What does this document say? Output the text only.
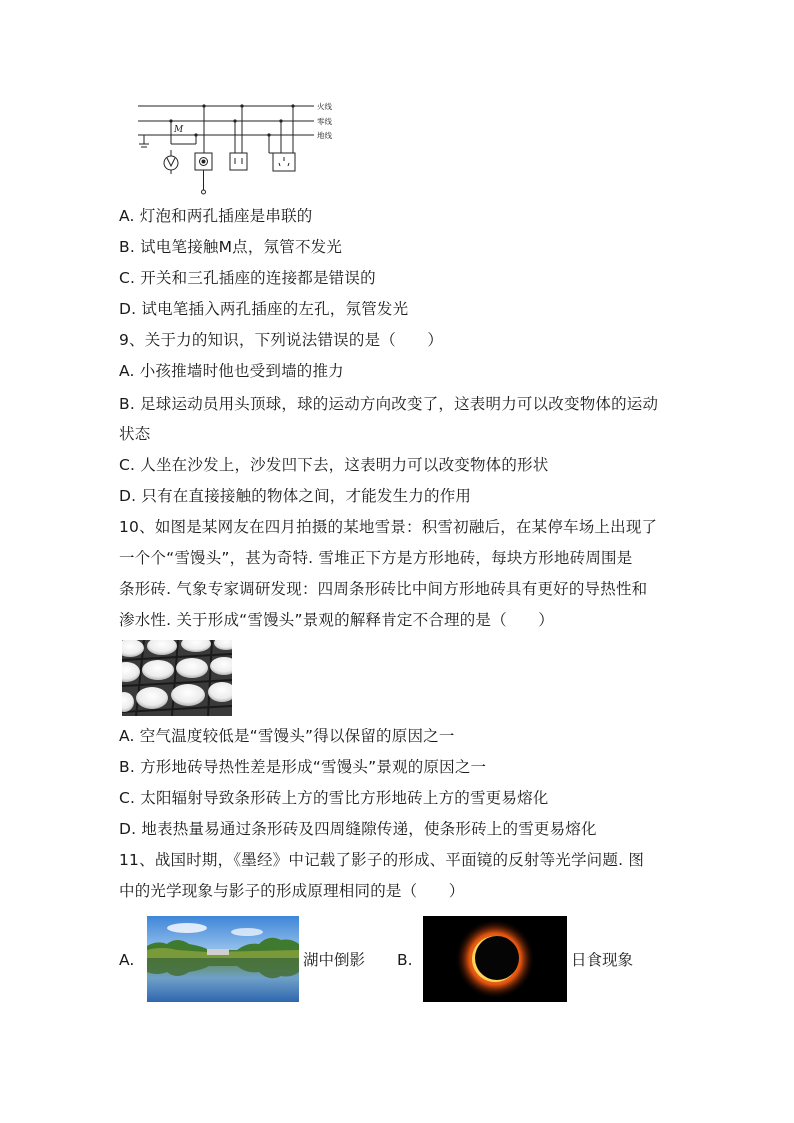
火线
零线
地线
M
A. 灯泡和两孔插座是串联的
B. 试电笔接触M点，氖管不发光
C. 开关和三孔插座的连接都是错误的
D. 试电笔插入两孔插座的左孔，氖管发光
9、关于力的知识，下列说法错误的是（　　）
A. 小孩推墙时他也受到墙的推力
B. 足球运动员用头顶球，球的运动方向改变了，这表明力可以改变物体的运动
状态
C. 人坐在沙发上，沙发凹下去，这表明力可以改变物体的形状
D. 只有在直接接触的物体之间，才能发生力的作用
10、如图是某网友在四月拍摄的某地雪景：积雪初融后，在某停车场上出现了
一个个“雪馒头”，甚为奇特. 雪堆正下方是方形地砖，每块方形地砖周围是
条形砖. 气象专家调研发现：四周条形砖比中间方形地砖具有更好的导热性和
渗水性. 关于形成“雪馒头”景观的解释肯定不合理的是（　　）
A. 空气温度较低是“雪馒头”得以保留的原因之一
B. 方形地砖导热性差是形成“雪馒头”景观的原因之一
C. 太阳辐射导致条形砖上方的雪比方形地砖上方的雪更易熔化
D. 地表热量易通过条形砖及四周缝隙传递，使条形砖上的雪更易熔化
11、战国时期，《墨经》中记载了影子的形成、平面镜的反射等光学问题. 图
中的光学现象与影子的形成原理相同的是（　　）
A.	湖中倒影 B.	日食现象
